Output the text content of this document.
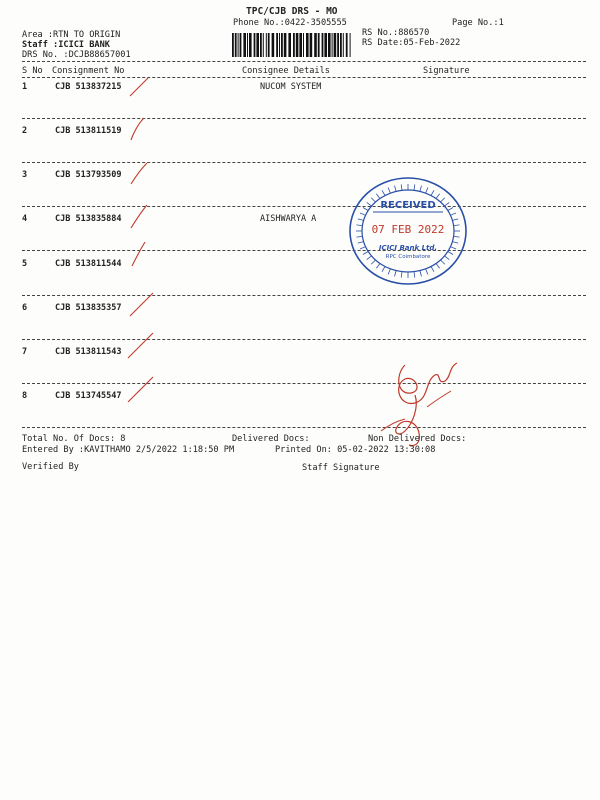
TPC/CJB DRS - MO
Phone No.:0422-3505555	Page No.:1
Area :RTN TO ORIGIN
Staff :ICICI BANK
DRS No. :DCJB88657001
RS No.:886570
RS Date:05-Feb-2022
S No Consignment No	Consignee Details	Signature
1	CJB 513837215	NUCOM SYSTEM
2	CJB 513811519
3	CJB 513793509
4	CJB 513835884	AISHWARYA A
5	CJB 513811544
6	CJB 513835357
7	CJB 513811543
8	CJB 513745547
RECEIVED
07 FEB 2022
ICICI Bank Ltd.
RPC Coimbatore
Total No. Of Docs: 8	Delivered Docs:	Non Delivered Docs:
Entered By :KAVITHAMO 2/5/2022 1:18:50 PM	Printed On: 05-02-2022 13:30:08
Verified By	Staff Signature
